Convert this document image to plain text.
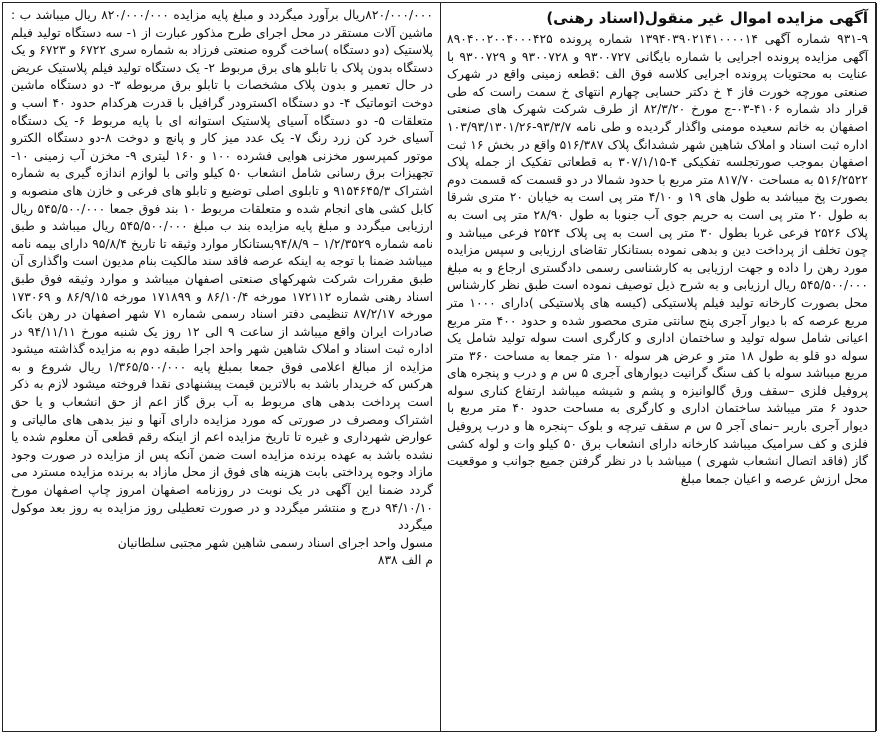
آگهی مزایده اموال غیر منقول(اسناد رهنی)

۹۳۱-۹ شماره آگهی ۱۳۹۴۰۳۹۰۲۱۴۱۰۰۰۰۱۴ شماره پرونده ۸۹۰۴۰۰۲۰۰۴۰۰۰۴۲۵ آگهی مزایده پرونده اجرایی با شماره بایگانی ۹۳۰۰۷۲۷ و ۹۳۰۰۷۲۸ و ۹۳۰۰۷۲۹ با عنایت به محتویات پرونده اجرایی کلاسه فوق الف :قطعه زمینی واقع در شهرک صنعتی مورچه خورت فاز ۴ خ دکتر حسابی چهارم انتهای خ سمت راست که طی قرار داد شماره ۴۱۰۶-۰۳-ج مورخ ۸۲/۳/۲۰ از طرف شرکت شهرک های صنعتی اصفهان به خانم سعیده مومنی واگذار گردیده و طی نامه ۹۳/۳/۷-۱۰۳/۹۳/۱۳۰۱/۲۶ اداره ثبت اسناد و املاک شاهین شهر ششدانگ پلاک ۵۱۶/۳۸۷ واقع در بخش ۱۶ ثبت اصفهان بموجب صورتجلسه تفکیکی ۴-۳۰۷/۱/۱۵ به قطعاتی تفکیک از جمله پلاک ۵۱۶/۲۵۲۲ به مساحت ۸۱۷/۷۰ متر مربع با حدود شمالا در دو قسمت که قسمت دوم بصورت پخ میباشد به طول های ۱۹ و ۴/۱۰ متر پی است به خیابان ۲۰ متری شرقا به طول ۲۰ متر پی است به حریم جوی آب جنوبا به طول ۲۸/۹۰ متر پی است به پلاک ۲۵۲۶ فرعی غربا بطول ۳۰ متر پی است به پی پلاک ۲۵۲۴ فرعی میباشد و چون تخلف از پرداخت دین و بدهی نموده بستانکار تقاضای ارزیابی و سپس مزایده مورد رهن را داده و جهت ارزیابی به کارشناسی رسمی دادگستری ارجاع و به مبلغ ۵۴۵/۵۰۰/۰۰۰ ریال ارزیابی و به شرح ذیل توصیف نموده است طبق نظر کارشناس محل بصورت کارخانه تولید فیلم پلاستیکی (کیسه های پلاستیکی )دارای ۱۰۰۰ متر مربع عرصه که با دیوار آجری پنج سانتی متری محصور شده و حدود ۴۰۰ متر مربع اعیانی شامل سوله تولید و ساختمان اداری و کارگری است سوله تولید شامل یک سوله دو قلو به طول ۱۸ متر و عرض هر سوله ۱۰ متر جمعا به مساحت ۳۶۰ متر مربع میباشد سوله با کف سنگ گرانیت دیوارهای آجری ۵ س م و درب و پنجره های پروفیل فلزی –سقف ورق گالوانیزه و پشم و شیشه میباشد ارتفاع کناری سوله حدود ۶ متر میباشد ساختمان اداری و کارگری به مساحت حدود ۴۰ متر مربع با دیوار آجری باربر –نمای آجر ۵ س م سقف تیرچه و بلوک –پنجره ها و درب پروفیل فلزی و کف سرامیک میباشد کارخانه دارای انشعاب برق ۵۰ کیلو وات و لوله کشی گاز (فاقد اتصال انشعاب شهری ) میباشد با در نظر گرفتن جمیع جوانب و موقعیت محل ارزش عرصه و اعیان جمعا مبلغ

۸۲۰/۰۰۰/۰۰۰ریال برآورد میگردد و مبلغ پایه مزایده ۸۲۰/۰۰۰/۰۰۰ ریال میباشد ب : ماشین آلات مستقر در محل اجرای طرح مذکور عبارت از ۱- سه دستگاه تولید فیلم پلاستیک (دو دستگاه )ساخت گروه صنعتی فرزاد به شماره سری ۶۷۲۲ و ۶۷۲۳ و یک دستگاه بدون پلاک با تابلو های برق مربوط ۲- یک دستگاه تولید فیلم پلاستیک عریض در حال تعمیر و بدون پلاک مشخصات با تابلو برق مربوطه ۳- دو دستگاه ماشین دوخت اتوماتیک ۴- دو دستگاه اکسترودر گرافیل با قدرت هرکدام حدود ۴۰ اسب و متعلقات ۵- دو دستگاه آسیای پلاستیک استوانه ای با پایه مربوط ۶- یک دستگاه آسیای خرد کن زرد رنگ ۷- یک عدد میز کار و پانچ و دوخت ۸-دو دستگاه الکترو موتور کمپرسور مخزنی هوایی فشرده ۱۰۰ و ۱۶۰ لیتری ۹- مخزن آب زمینی ۱۰- تجهیزات برق رسانی شامل انشعاب ۵۰ کیلو واتی با لوازم اندازه گیری به شماره اشتراک ۹۱۵۴۶۴۵/۳ و تابلوی اصلی توضیع و تابلو های فرعی و خازن های منصوبه و کابل کشی های انجام شده و متعلقات مربوط ۱۰ بند فوق جمعا ۵۴۵/۵۰۰/۰۰۰ ریال ارزیابی میگردد و مبلغ پایه مزایده بند ب مبلغ ۵۴۵/۵۰۰/۰۰۰ ریال میباشد و طبق نامه شماره ۱/۲/۳۵۲۹ – ۹۴/۸/۹بستانکار موارد وثیقه تا تاریخ ۹۵/۸/۴ دارای بیمه نامه میباشد ضمنا با توجه به اینکه عرصه فاقد سند مالکیت بنام مدیون است واگذاری آن طبق مقررات شرکت شهرکهای صنعتی اصفهان میباشد و موارد وثیقه فوق طبق اسناد رهنی شماره ۱۷۲۱۱۲ مورخه ۸۶/۱۰/۴ و ۱۷۱۸۹۹ مورخه ۸۶/۹/۱۵ و ۱۷۳۰۶۹ مورخه ۸۷/۲/۱۷ تنظیمی دفتر اسناد رسمی شماره ۷۱ شهر اصفهان در رهن بانک صادرات ایران واقع میباشد از ساعت ۹ الی ۱۲ روز یک شنبه مورخ ۹۴/۱۱/۱۱ در اداره ثبت اسناد و املاک شاهین شهر واحد اجرا طبقه دوم به مزایده گذاشته میشود مزایده از مبالغ اعلامی فوق جمعا بمبلغ پایه ۱/۳۶۵/۵۰۰/۰۰۰ ریال شروع و به هرکس که خریدار باشد به بالاترین قیمت پیشنهادی نقدا فروخته میشود لازم به ذکر است پرداخت بدهی های مربوط به آب برق گاز اعم از حق انشعاب و یا حق اشتراک ومصرف در صورتی که مورد مزایده دارای آنها و نیز بدهی های مالیاتی و عوارض شهرداری و غیره تا تاریخ مزایده اعم از اینکه رقم قطعی آن معلوم شده یا نشده باشد به عهده برنده مزایده است ضمن آنکه پس از مزایده در صورت وجود مازاد وجوه پرداختی بابت هزینه های فوق از محل مازاد به برنده مزایده مسترد می گردد ضمنا این آگهی در یک نوبت در روزنامه اصفهان امروز چاپ اصفهان مورخ ۹۴/۱۰/۱۰ درج و منتشر میگردد و در صورت تعطیلی روز مزایده به روز بعد موکول میگردد

مسول واحد اجرای اسناد رسمی شاهین شهر مجتبی سلطانیان

م الف ۸۳۸
